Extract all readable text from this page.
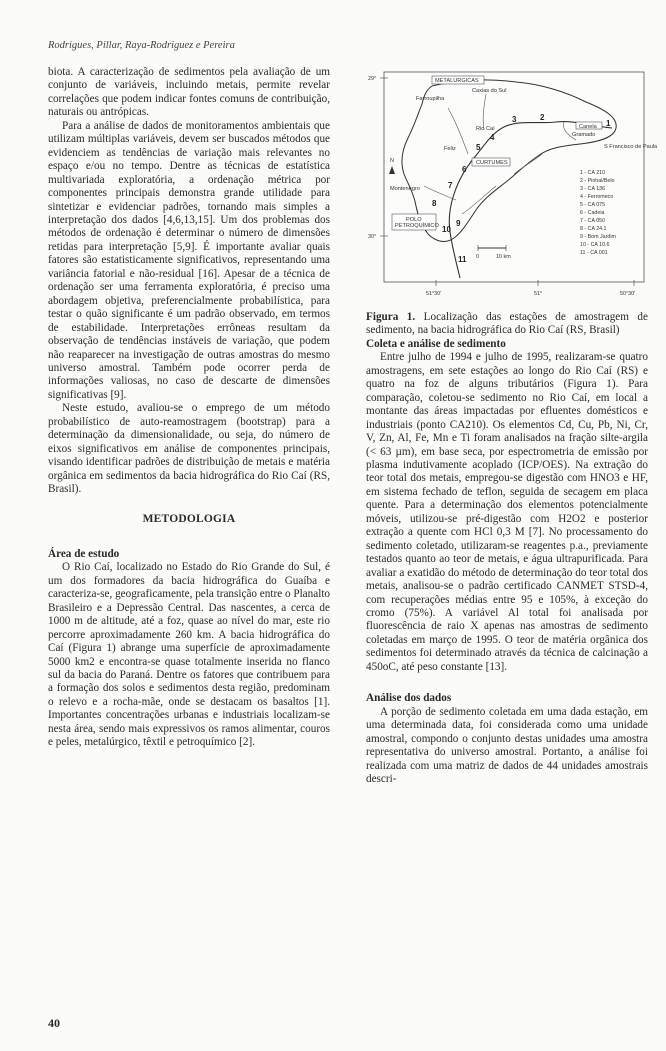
Rodrigues, Pillar, Raya-Rodriguez e Pereira

biota. A caracterização de sedimentos pela avaliação de um conjunto de variáveis, incluindo metais, permite revelar correlações que podem indicar fontes comuns de contribuição, naturais ou antrópicas.

Para a análise de dados de monitoramentos ambientais que utilizam múltiplas variáveis, devem ser buscados métodos que evidenciem as tendências de variação mais relevantes no espaço e/ou no tempo. Dentre as técnicas de estatística multivariada exploratória, a ordenação métrica por componentes principais demonstra grande utilidade para sintetizar e evidenciar padrões, tornando mais simples a interpretação dos dados [4,6,13,15]. Um dos problemas dos métodos de ordenação é determinar o número de dimensões retidas para interpretação [5,9]. É importante avaliar quais fatores são estatisticamente significativos, representando uma variância fatorial e não-residual [16]. Apesar de a técnica de ordenação ser uma ferramenta exploratória, é preciso uma abordagem objetiva, preferencialmente probabilística, para testar o quão significante é um padrão observado, em termos de estabilidade. Interpretações errôneas resultam da observação de tendências instáveis de variação, que podem não reaparecer na investigação de outras amostras do mesmo universo amostral. Também pode ocorrer perda de informações valiosas, no caso de descarte de dimensões significativas [9].

Neste estudo, avaliou-se o emprego de um método probabilístico de auto-reamostragem (bootstrap) para a determinação da dimensionalidade, ou seja, do número de eixos significativos em análise de componentes principais, visando identificar padrões de distribuição de metais e matéria orgânica em sedimentos da bacia hidrográfica do Rio Caí (RS, Brasil).

METODOLOGIA

Área de estudo

O Rio Caí, localizado no Estado do Rio Grande do Sul, é um dos formadores da bacia hidrográfica do Guaíba e caracteriza-se, geograficamente, pela transição entre o Planalto Brasileiro e a Depressão Central. Das nascentes, a cerca de 1000 m de altitude, até a foz, quase ao nível do mar, este rio percorre aproximadamente 260 km. A bacia hidrográfica do Caí (Figura 1) abrange uma superfície de aproximadamente 5000 km2 e encontra-se quase totalmente inserida no flanco sul da bacia do Paraná. Dentre os fatores que contribuem para a formação dos solos e sedimentos desta região, predominam o relevo e a rocha-mãe, onde se destacam os basaltos [1]. Importantes concentrações urbanas e industriais localizam-se nesta área, sendo mais expressivos os ramos alimentar, couros e peles, metalúrgico, têxtil e petroquímico [2].

29°
30°
51°30'	51°	50°30'
METALURGICAS
Caxias do Sul
Farroupilha
Rio Caí	Canela
Gramado
S Francisco de Paula
Feliz
CURTUMES
Montenegro
POLO
PETROQUÍMICO
N
1
2
3
4
5
6
7
8
9
10
11 0	10 km
1 - CA 210
2 - Pinhal/Belo
3 - CA 136
4 - Ferromeco
5 - CA 075
6 - Cadeia
7 - CA 050
8 - CA 24.1
9 - Bom Jardim
10 - CA 10.6
11 - CA 001

Figura 1. Localização das estações de amostragem de sedimento, na bacia hidrográfica do Rio Caí (RS, Brasil)

Coleta e análise de sedimento

Entre julho de 1994 e julho de 1995, realizaram-se quatro amostragens, em sete estações ao longo do Rio Caí (RS) e quatro na foz de alguns tributários (Figura 1). Para comparação, coletou-se sedimento no Rio Caí, em local a montante das áreas impactadas por efluentes domésticos e industriais (ponto CA210). Os elementos Cd, Cu, Pb, Ni, Cr, V, Zn, Al, Fe, Mn e Ti foram analisados na fração silte-argila (< 63 µm), em base seca, por espectrometria de emissão por plasma indutivamente acoplado (ICP/OES). Na extração do teor total dos metais, empregou-se digestão com HNO3 e HF, em sistema fechado de teflon, seguida de secagem em placa quente. Para a determinação dos elementos potencialmente móveis, utilizou-se pré-digestão com H2O2 e posterior extração a quente com HCl 0,3 M [7]. No processamento do sedimento coletado, utilizaram-se reagentes p.a., previamente testados quanto ao teor de metais, e água ultrapurificada. Para avaliar a exatidão do método de determinação do teor total dos metais, analisou-se o padrão certificado CANMET STSD-4, com recuperações médias entre 95 e 105%, à exceção do cromo (75%). A variável Al total foi analisada por fluorescência de raio X apenas nas amostras de sedimento coletadas em março de 1995. O teor de matéria orgânica dos sedimentos foi determinado através da técnica de calcinação a 450oC, até peso constante [13].

Análise dos dados

A porção de sedimento coletada em uma dada estação, em uma determinada data, foi considerada como uma unidade amostral, compondo o conjunto destas unidades uma amostra representativa do universo amostral. Portanto, a análise foi realizada com uma matriz de dados de 44 unidades amostrais descri-

40
